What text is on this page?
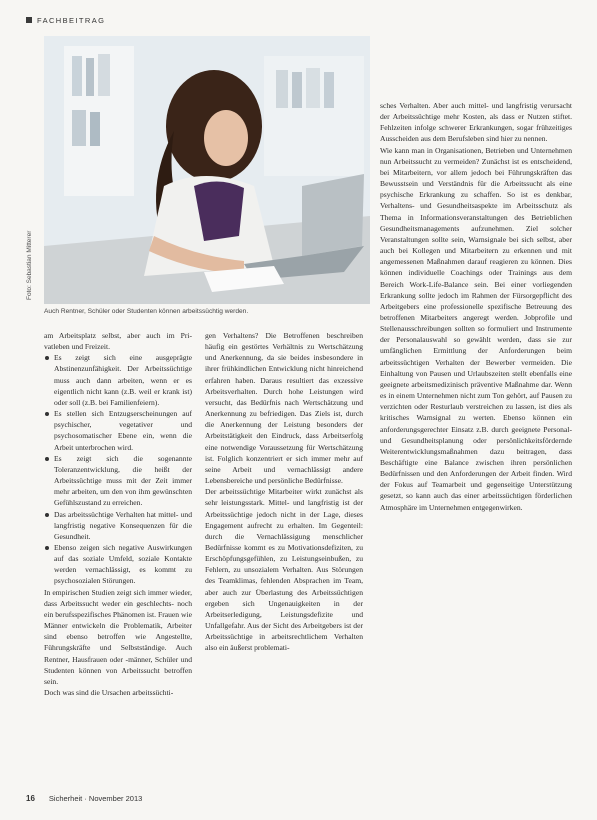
FACHBEITRAG
Foto: Sebastian Mitterer
Auch Rentner, Schüler oder Studenten können arbeitssüchtig werden.

am Arbeitsplatz selbst, aber auch im Pri-vatleben und Freizeit.

Es zeigt sich eine ausgeprägte Abstinenzunfähigkeit. Der Arbeitssüchtige muss auch dann arbeiten, wenn er es eigentlich nicht kann (z.B. weil er krank ist) oder soll (z.B. bei Familienfeiern).
Es stellen sich Entzugserscheinungen auf psychischer, vegetativer und psychosomatischer Ebene ein, wenn die Arbeit unterbrochen wird.
Es zeigt sich die sogenannte Toleranzentwicklung, die heißt der Arbeitssüchtige muss mit der Zeit immer mehr arbeiten, um den von ihm gewünschten Gefühlszustand zu erreichen.
Das arbeitssüchtige Verhalten hat mittel- und langfristig negative Konsequenzen für die Gesundheit.
Ebenso zeigen sich negative Auswirkungen auf das soziale Umfeld, soziale Kontakte werden vernachlässigt, es kommt zu psychosozialen Störungen.

In empirischen Studien zeigt sich immer wieder, dass Arbeitssucht weder ein geschlechts- noch ein berufsspezifisches Phänomen ist. Frauen wie Männer entwickeln die Problematik, Arbeiter sind ebenso betroffen wie Angestellte, Führungskräfte und Selbstständige. Auch Rentner, Hausfrauen oder -männer, Schüler und Studenten können von Arbeitssucht betroffen sein.

Doch was sind die Ursachen arbeitssüchti-

gen Verhaltens? Die Betroffenen beschreiben häufig ein gestörtes Verhältnis zu Wertschätzung und Anerkennung, da sie beides insbesondere in ihrer frühkindlichen Entwicklung nicht hinreichend erfahren haben. Daraus resultiert das exzessive Arbeitsverhalten. Durch hohe Leistungen wird versucht, das Bedürfnis nach Wertschätzung und Anerkennung zu befriedigen. Das Ziels ist, durch die Anerkennung der Leistung besonders der Arbeitstätigkeit den Eindruck, dass Arbeitserfolg eine notwendige Voraussetzung für Wertschätzung ist. Folglich konzentriert er sich immer mehr auf seine Arbeit und vernachlässigt andere Lebensbereiche und persönliche Bedürfnisse.

Der arbeitssüchtige Mitarbeiter wirkt zunächst als sehr leistungsstark. Mittel- und langfristig ist der Arbeitssüchtige jedoch nicht in der Lage, dieses Engagement aufrecht zu erhalten. Im Gegenteil: durch die Vernachlässigung menschlicher Bedürfnisse kommt es zu Motivationsdefiziten, zu Erschöpfungsgefühlen, zu Leistungseinbußen, zu Fehlern, zu unsozialem Verhalten. Aus Störungen des Teamklimas, fehlenden Absprachen im Team, aber auch zur Überlastung des Arbeitssüchtigen ergeben sich Ungenauigkeiten in der Arbeitserledigung, Leistungsdefizite und Unfallgefahr. Aus der Sicht des Arbeitgebers ist der Arbeitssüchtige in arbeitsrechtlichem Verhalten also ein äußerst problemati-

sches Verhalten. Aber auch mittel- und langfristig verursacht der Arbeitssüchtige mehr Kosten, als dass er Nutzen stiftet. Fehlzeiten infolge schwerer Erkrankungen, sogar frühzeitiges Ausscheiden aus dem Berufsleben sind hier zu nennen.

Wie kann man in Organisationen, Betrieben und Unternehmen nun Arbeitssucht zu vermeiden? Zunächst ist es entscheidend, bei Mitarbeitern, vor allem jedoch bei Führungskräften das Bewusstsein und Verständnis für die Arbeitssucht als eine psychische Erkrankung zu schaffen. So ist es denkbar, Verhaltens- und Gesundheitsaspekte im Arbeitsschutz als Thema in Informationsveranstaltungen des Betrieblichen Gesundheitsmanagements aufzunehmen. Ziel solcher Veranstaltungen sollte sein, Warnsignale bei sich selbst, aber auch bei Kollegen und Mitarbeitern zu erkennen und mit angemessenen Maßnahmen darauf reagieren zu können. Dies können individuelle Coachings oder Trainings aus dem Bereich Work-Life-Balance sein. Bei einer vorliegenden Erkrankung sollte jedoch im Rahmen der Fürsorgepflicht des Arbeitgebers eine professionelle spezifische Betreuung des betroffenen Mitarbeiters angeregt werden. Jobprofile und Stellenausschreibungen sollten so formuliert und Instrumente der Personalauswahl so gewählt werden, dass sie zur umfänglichen Ermittlung der Anforderungen beim arbeitssüchtigen Verhalten der Bewerber vermeiden. Die Einhaltung von Pausen und Urlaubszeiten stellt ebenfalls eine geeignete arbeitsmedizinisch präventive Maßnahme dar. Wenn es in einem Unternehmen nicht zum Ton gehört, auf Pausen zu verzichten oder Resturlaub verstreichen zu lassen, ist dies als kritisches Warnsignal zu werten. Ebenso können ein anforderungsgerechter Einsatz z.B. durch geeignete Personal- und Gesundheitsplanung oder persönlichkeitsfördernde Weiterentwicklungsmaßnahmen dazu beitragen, dass Beschäftigte eine Balance zwischen ihren persönlichen Bedürfnissen und den Anforderungen der Arbeit finden. Wird der Fokus auf Teamarbeit und gegenseitige Unterstützung gesetzt, so kann auch das einer arbeitssüchtigen förderlichen Atmosphäre im Unternehmen entgegenwirken.

16 Sicherheit · November 2013
